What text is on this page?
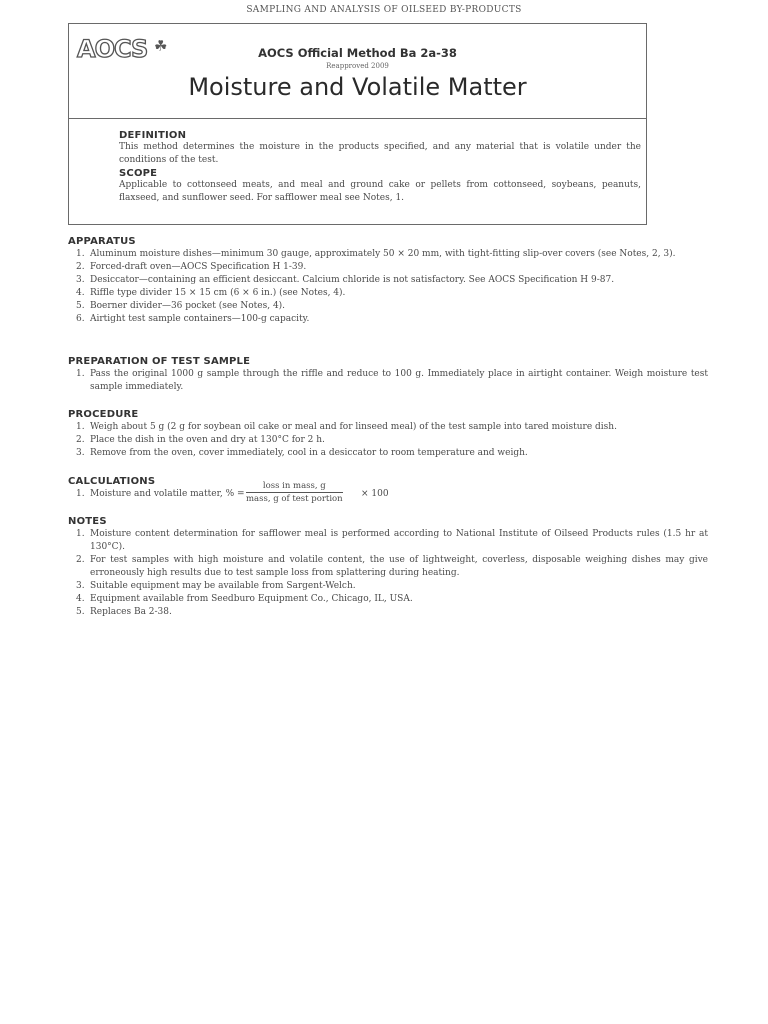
SAMPLING AND ANALYSIS OF OILSEED BY-PRODUCTS
AOCS ☘	AOCS Official Method Ba 2a-38
Reapproved 2009
Moisture and Volatile Matter
DEFINITION

This method determines the moisture in the products specified, and any material that is volatile under the conditions of the test.

SCOPE

Applicable to cottonseed meats, and meal and ground cake or pellets from cottonseed, soybeans, peanuts, flaxseed, and sunflower seed. For safflower meal see Notes, 1.

APPARATUS
1. Aluminum moisture dishes—minimum 30 gauge, approximately 50 × 20 mm, with tight-fitting slip-over covers (see Notes, 2, 3).
2. Forced-draft oven—AOCS Specification H 1-39.
3. Desiccator—containing an efficient desiccant. Calcium chloride is not satisfactory. See AOCS Specification H 9-87.
4. Riffle type divider 15 × 15 cm (6 × 6 in.) (see Notes, 4).
5. Boerner divider—36 pocket (see Notes, 4).
6. Airtight test sample containers—100-g capacity.
PREPARATION OF TEST SAMPLE
1. Pass the original 1000 g sample through the riffle and reduce to 100 g. Immediately place in airtight container. Weigh moisture test sample immediately.
PROCEDURE
1. Weigh about 5 g (2 g for soybean oil cake or meal and for linseed meal) of the test sample into tared moisture dish.
2. Place the dish in the oven and dry at 130°C for 2 h.
3. Remove from the oven, cover immediately, cool in a desiccator to room temperature and weigh.
CALCULATIONS
1. Moisture and volatile matter, % =
loss in mass, g
mass, g of test portion × 100
NOTES
1. Moisture content determination for safflower meal is performed according to National Institute of Oilseed Products rules (1.5 hr at 130°C).
2. For test samples with high moisture and volatile content, the use of lightweight, coverless, disposable weighing dishes may give erroneously high results due to test sample loss from splattering during heating.
3. Suitable equipment may be available from Sargent-Welch.
4. Equipment available from Seedburo Equipment Co., Chicago, IL, USA.
5. Replaces Ba 2-38.
